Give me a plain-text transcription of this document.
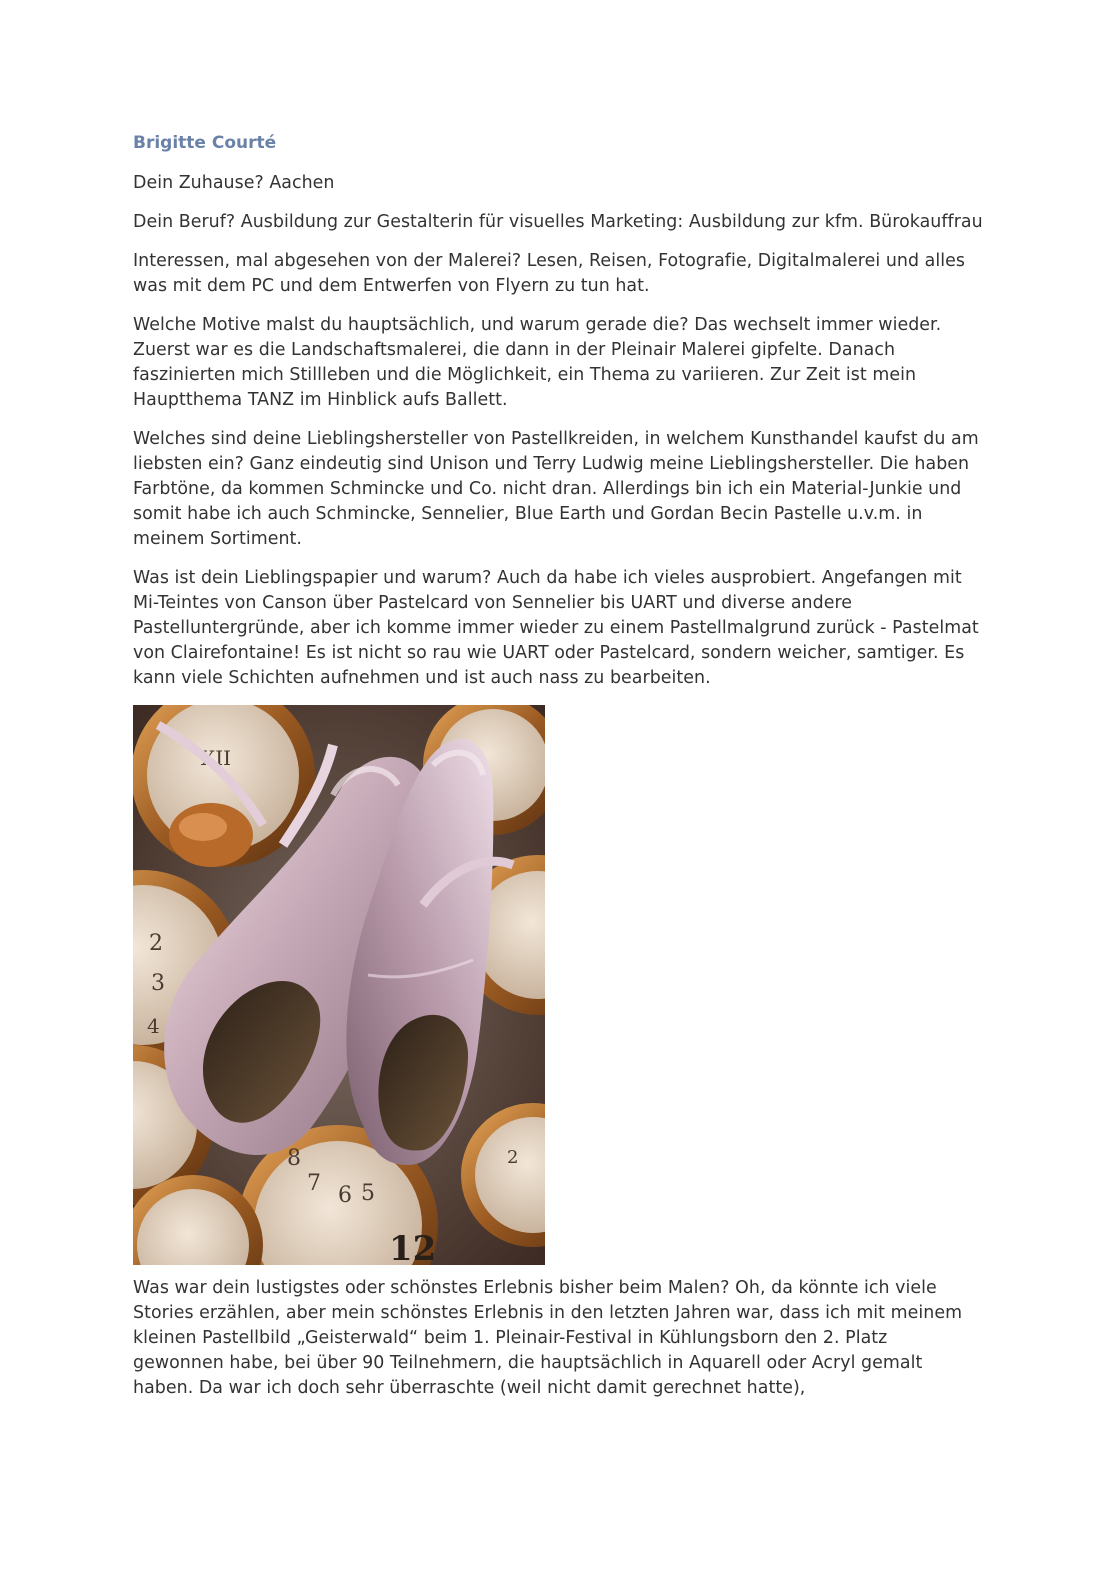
Brigitte Courté

Dein Zuhause? Aachen

Dein Beruf? Ausbildung zur Gestalterin für visuelles Marketing: Ausbildung zur kfm. Bürokauffrau

Interessen, mal abgesehen von der Malerei? Lesen, Reisen, Fotografie, Digitalmalerei und alles was mit dem PC und dem Entwerfen von Flyern zu tun hat.

Welche Motive malst du hauptsächlich, und warum gerade die? Das wechselt immer wieder. Zuerst war es die Landschaftsmalerei, die dann in der Pleinair Malerei gipfelte. Danach faszinierten mich Stillleben und die Möglichkeit, ein Thema zu variieren. Zur Zeit ist mein Hauptthema TANZ im Hinblick aufs Ballett.

Welches sind deine Lieblingshersteller von Pastellkreiden, in welchem Kunsthandel kaufst du am liebsten ein? Ganz eindeutig sind Unison und Terry Ludwig meine Lieblingshersteller. Die haben Farbtöne, da kommen Schmincke und Co. nicht dran. Allerdings bin ich ein Material-Junkie und somit habe ich auch Schmincke, Sennelier, Blue Earth und Gordan Becin Pastelle u.v.m. in meinem Sortiment.

Was ist dein Lieblingspapier und warum? Auch da habe ich vieles ausprobiert. Angefangen mit Mi-Teintes von Canson über Pastelcard von Sennelier bis UART und diverse andere Pastelluntergründe, aber ich komme immer wieder zu einem Pastellmalgrund zurück - Pastelmat von Clairefontaine! Es ist nicht so rau wie UART oder Pastelcard, sondern weicher, samtiger. Es kann viele Schichten aufnehmen und ist auch nass zu bearbeiten.

XII
2
3
4
8
7 6 5
2
12

Was war dein lustigstes oder schönstes Erlebnis bisher beim Malen? Oh, da könnte ich viele Stories erzählen, aber mein schönstes Erlebnis in den letzten Jahren war, dass ich mit meinem kleinen Pastellbild „Geisterwald“ beim 1. Pleinair-Festival in Kühlungsborn den 2. Platz gewonnen habe, bei über 90 Teilnehmern, die hauptsächlich in Aquarell oder Acryl gemalt haben. Da war ich doch sehr überraschte (weil nicht damit gerechnet hatte),
